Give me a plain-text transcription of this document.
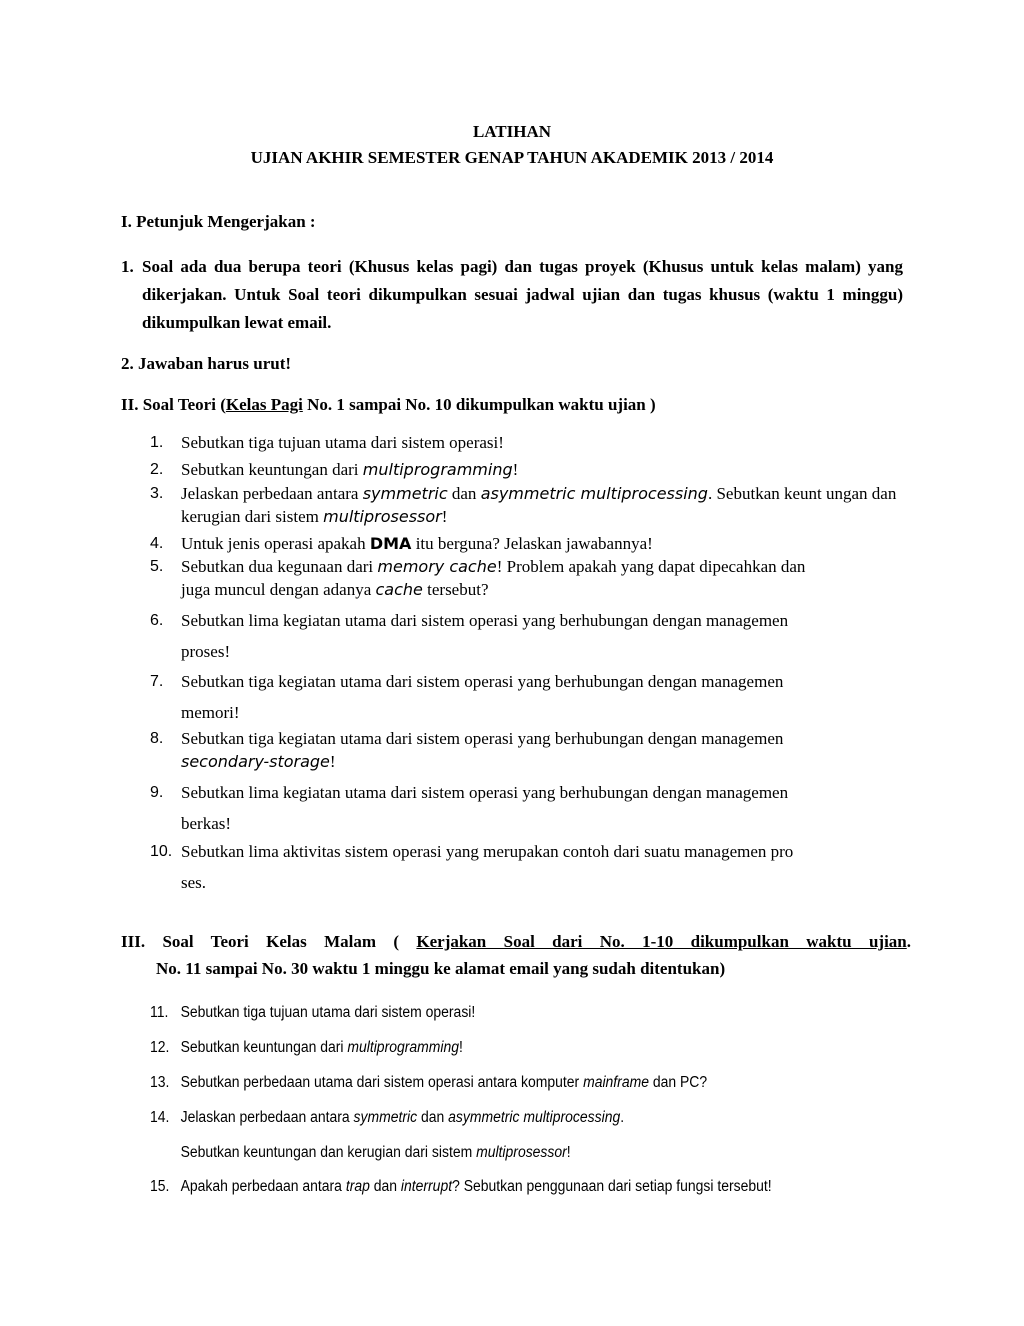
LATIHAN
UJIAN AKHIR SEMESTER GENAP TAHUN AKADEMIK 2013 / 2014
I. Petunjuk Mengerjakan :
1. Soal ada dua berupa teori (Khusus kelas pagi) dan tugas proyek (Khusus untuk kelas malam) yang dikerjakan. Untuk Soal teori dikumpulkan sesuai jadwal ujian dan tugas khusus (waktu 1 minggu) dikumpulkan lewat email.
2. Jawaban harus urut!
II. Soal Teori (Kelas Pagi No. 1 sampai No. 10 dikumpulkan waktu ujian )
1. Sebutkan tiga tujuan utama dari sistem operasi!
2. Sebutkan keuntungan dari multiprogramming!
3. Jelaskan perbedaan antara symmetric dan asymmetric multiprocessing. Sebutkan keunt ungan dan kerugian dari sistem multiprosessor!
4. Untuk jenis operasi apakah DMA itu berguna? Jelaskan jawabannya!
5. Sebutkan dua kegunaan dari memory cache! Problem apakah yang dapat dipecahkan dan
juga muncul dengan adanya cache tersebut?
6. Sebutkan lima kegiatan utama dari sistem operasi yang berhubungan dengan managemen
proses!
7. Sebutkan tiga kegiatan utama dari sistem operasi yang berhubungan dengan managemen
memori!
8. Sebutkan tiga kegiatan utama dari sistem operasi yang berhubungan dengan managemen
secondary-storage!
9. Sebutkan lima kegiatan utama dari sistem operasi yang berhubungan dengan managemen
berkas!
10. Sebutkan lima aktivitas sistem operasi yang merupakan contoh dari suatu managemen pro
ses.
III. Soal Teori Kelas Malam ( Kerjakan Soal dari No. 1-10 dikumpulkan waktu ujian.
No. 11 sampai No. 30 waktu 1 minggu ke alamat email yang sudah ditentukan)
11. Sebutkan tiga tujuan utama dari sistem operasi!
12. Sebutkan keuntungan dari multiprogramming!
13. Sebutkan perbedaan utama dari sistem operasi antara komputer mainframe dan PC?
14. Jelaskan perbedaan antara symmetric dan asymmetric multiprocessing.
Sebutkan keuntungan dan kerugian dari sistem multiprosessor!
15. Apakah perbedaan antara trap dan interrupt? Sebutkan penggunaan dari setiap fungsi tersebut!
